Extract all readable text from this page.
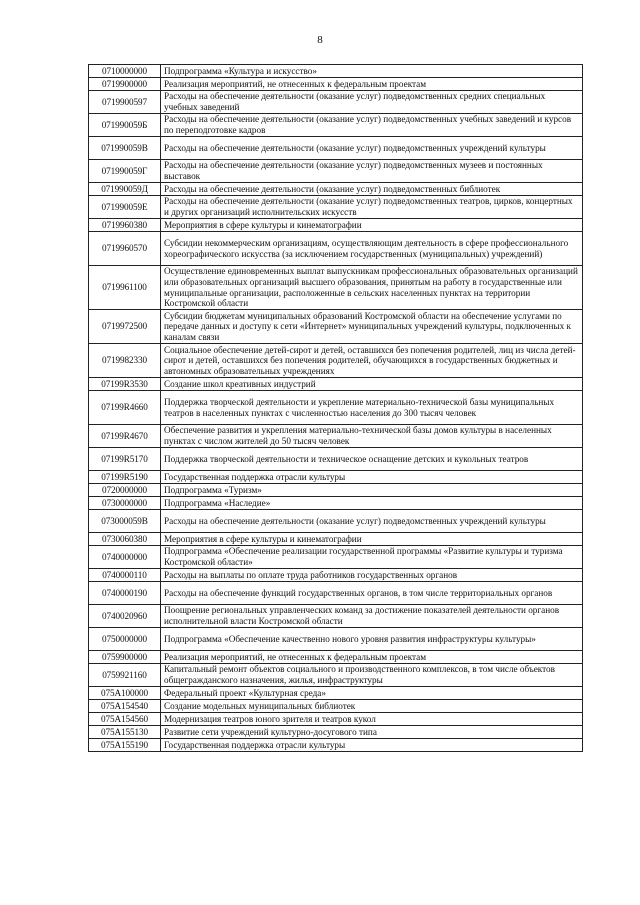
8
0710000000	Подпрограмма «Культура и искусство»
0719900000	Реализация мероприятий, не отнесенных к федеральным проектам
0719900597	Расходы на обеспечение деятельности (оказание услуг) подведомственных средних специальных учебных заведений
071990059Б	Расходы на обеспечение деятельности (оказание услуг) подведомственных учебных заведений и курсов по переподготовке кадров
071990059В	Расходы на обеспечение деятельности (оказание услуг) подведомственных учреждений культуры
071990059Г	Расходы на обеспечение деятельности (оказание услуг) подведомственных музеев и постоянных выставок
071990059Д	Расходы на обеспечение деятельности (оказание услуг) подведомственных библиотек
071990059Е	Расходы на обеспечение деятельности (оказание услуг) подведомственных театров, цирков, концертных и других организаций исполнительских искусств
0719960380	Мероприятия в сфере культуры и кинематографии
0719960570	Субсидии некоммерческим организациям, осуществляющим деятельность в сфере профессионального хореографического искусства (за исключением государственных (муниципальных) учреждений)
0719961100	Осуществление единовременных выплат выпускникам профессиональных образовательных организаций или образовательных организаций высшего образования, принятым на работу в государственные или муниципальные организации, расположенные в сельских населенных пунктах на территории Костромской области
0719972500	Субсидии бюджетам муниципальных образований Костромской области на обеспечение услугами по передаче данных и доступу к сети «Интернет» муниципальных учреждений культуры, подключенных к каналам связи
0719982330	Социальное обеспечение детей-сирот и детей, оставшихся без попечения родителей, лиц из числа детей-сирот и детей, оставшихся без попечения родителей, обучающихся в государственных бюджетных и автономных образовательных учреждениях
07199R3530	Создание школ креативных индустрий
07199R4660	Поддержка творческой деятельности и укрепление материально-технической базы муниципальных театров в населенных пунктах с численностью населения до 300 тысяч человек
07199R4670	Обеспечение развития и укрепления материально-технической базы домов культуры в населенных пунктах с числом жителей до 50 тысяч человек
07199R5170	Поддержка творческой деятельности и техническое оснащение детских и кукольных театров
07199R5190	Государственная поддержка отрасли культуры
0720000000	Подпрограмма «Туризм»
0730000000	Подпрограмма «Наследие»
073000059В	Расходы на обеспечение деятельности (оказание услуг) подведомственных учреждений культуры
0730060380	Мероприятия в сфере культуры и кинематографии
0740000000	Подпрограмма «Обеспечение реализации государственной программы «Развитие культуры и туризма Костромской области»
0740000110	Расходы на выплаты по оплате труда работников государственных органов
0740000190	Расходы на обеспечение функций государственных органов, в том числе территориальных органов
0740020960	Поощрение региональных управленческих команд за достижение показателей деятельности органов исполнительной власти Костромской области
0750000000	Подпрограмма «Обеспечение качественно нового уровня развития инфраструктуры культуры»
0759900000	Реализация мероприятий, не отнесенных к федеральным проектам
0759921160	Капитальный ремонт объектов социального и производственного комплексов, в том числе объектов общегражданского назначения, жилья, инфраструктуры
075A100000	Федеральный проект «Культурная среда»
075A154540	Создание модельных муниципальных библиотек
075A154560	Модернизация театров юного зрителя и театров кукол
075A155130	Развитие сети учреждений культурно-досугового типа
075A155190	Государственная поддержка отрасли культуры
